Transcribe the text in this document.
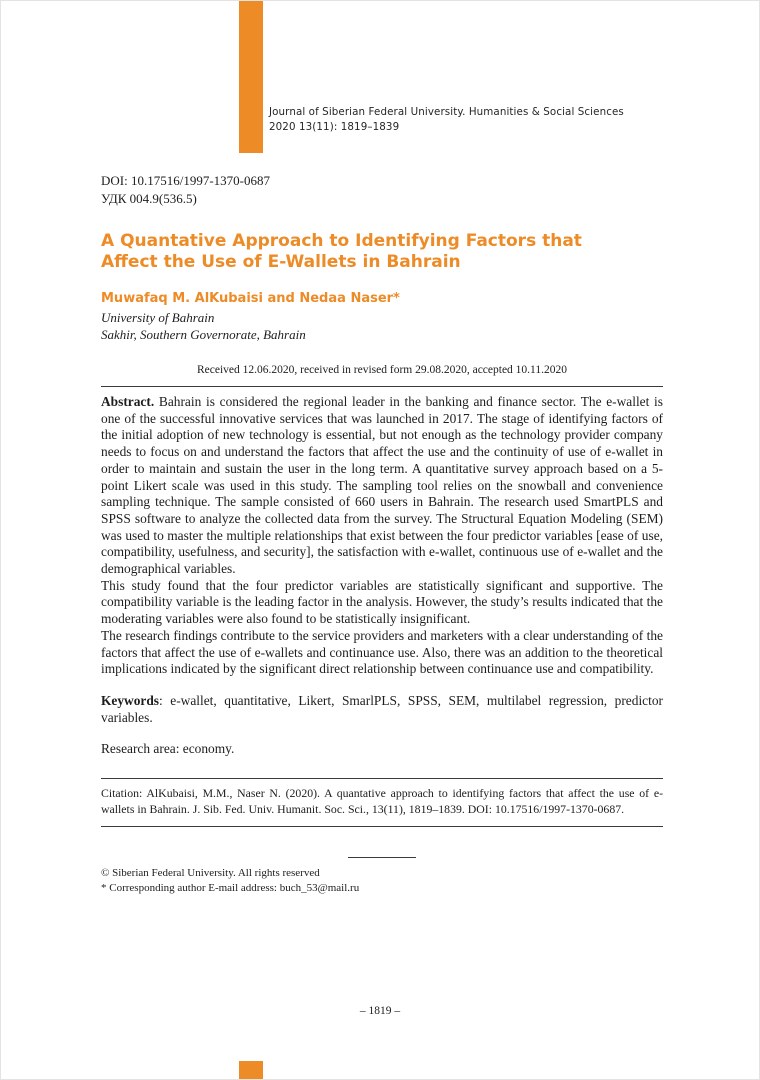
Journal of Siberian Federal University. Humanities & Social Sciences
2020 13(11): 1819–1839
DOI: 10.17516/1997-1370-0687
УДК 004.9(536.5)
A Quantative Approach to Identifying Factors that Affect the Use of E-Wallets in Bahrain
Muwafaq M. AlKubaisi and Nedaa Naser*
University of Bahrain
Sakhir, Southern Governorate, Bahrain
Received 12.06.2020, received in revised form 29.08.2020, accepted 10.11.2020

Abstract. Bahrain is considered the regional leader in the banking and finance sector. The e-wallet is one of the successful innovative services that was launched in 2017. The stage of identifying factors of the initial adoption of new technology is essential, but not enough as the technology provider company needs to focus on and understand the factors that affect the use and the continuity of use of e-wallet in order to maintain and sustain the user in the long term. A quantitative survey approach based on a 5-point Likert scale was used in this study. The sampling tool relies on the snowball and convenience sampling technique. The sample consisted of 660 users in Bahrain. The research used SmartPLS and SPSS software to analyze the collected data from the survey. The Structural Equation Modeling (SEM) was used to master the multiple relationships that exist between the four predictor variables [ease of use, compatibility, usefulness, and security], the satisfaction with e-wallet, continuous use of e-wallet and the demographical variables.

This study found that the four predictor variables are statistically significant and supportive. The compatibility variable is the leading factor in the analysis. However, the study’s results indicated that the moderating variables were also found to be statistically insignificant.

The research findings contribute to the service providers and marketers with a clear understanding of the factors that affect the use of e-wallets and continuance use. Also, there was an addition to the theoretical implications indicated by the significant direct relationship between continuance use and compatibility.

Keywords: e-wallet, quantitative, Likert, SmarlPLS, SPSS, SEM, multilabel regression, predictor variables.

Research area: economy.

Citation: AlKubaisi, M.M., Naser N. (2020). A quantative approach to identifying factors that affect the use of e-wallets in Bahrain. J. Sib. Fed. Univ. Humanit. Soc. Sci., 13(11), 1819–1839. DOI: 10.17516/1997-1370-0687.

© Siberian Federal University. All rights reserved

* Corresponding author E-mail address: buch_53@mail.ru

– 1819 –
